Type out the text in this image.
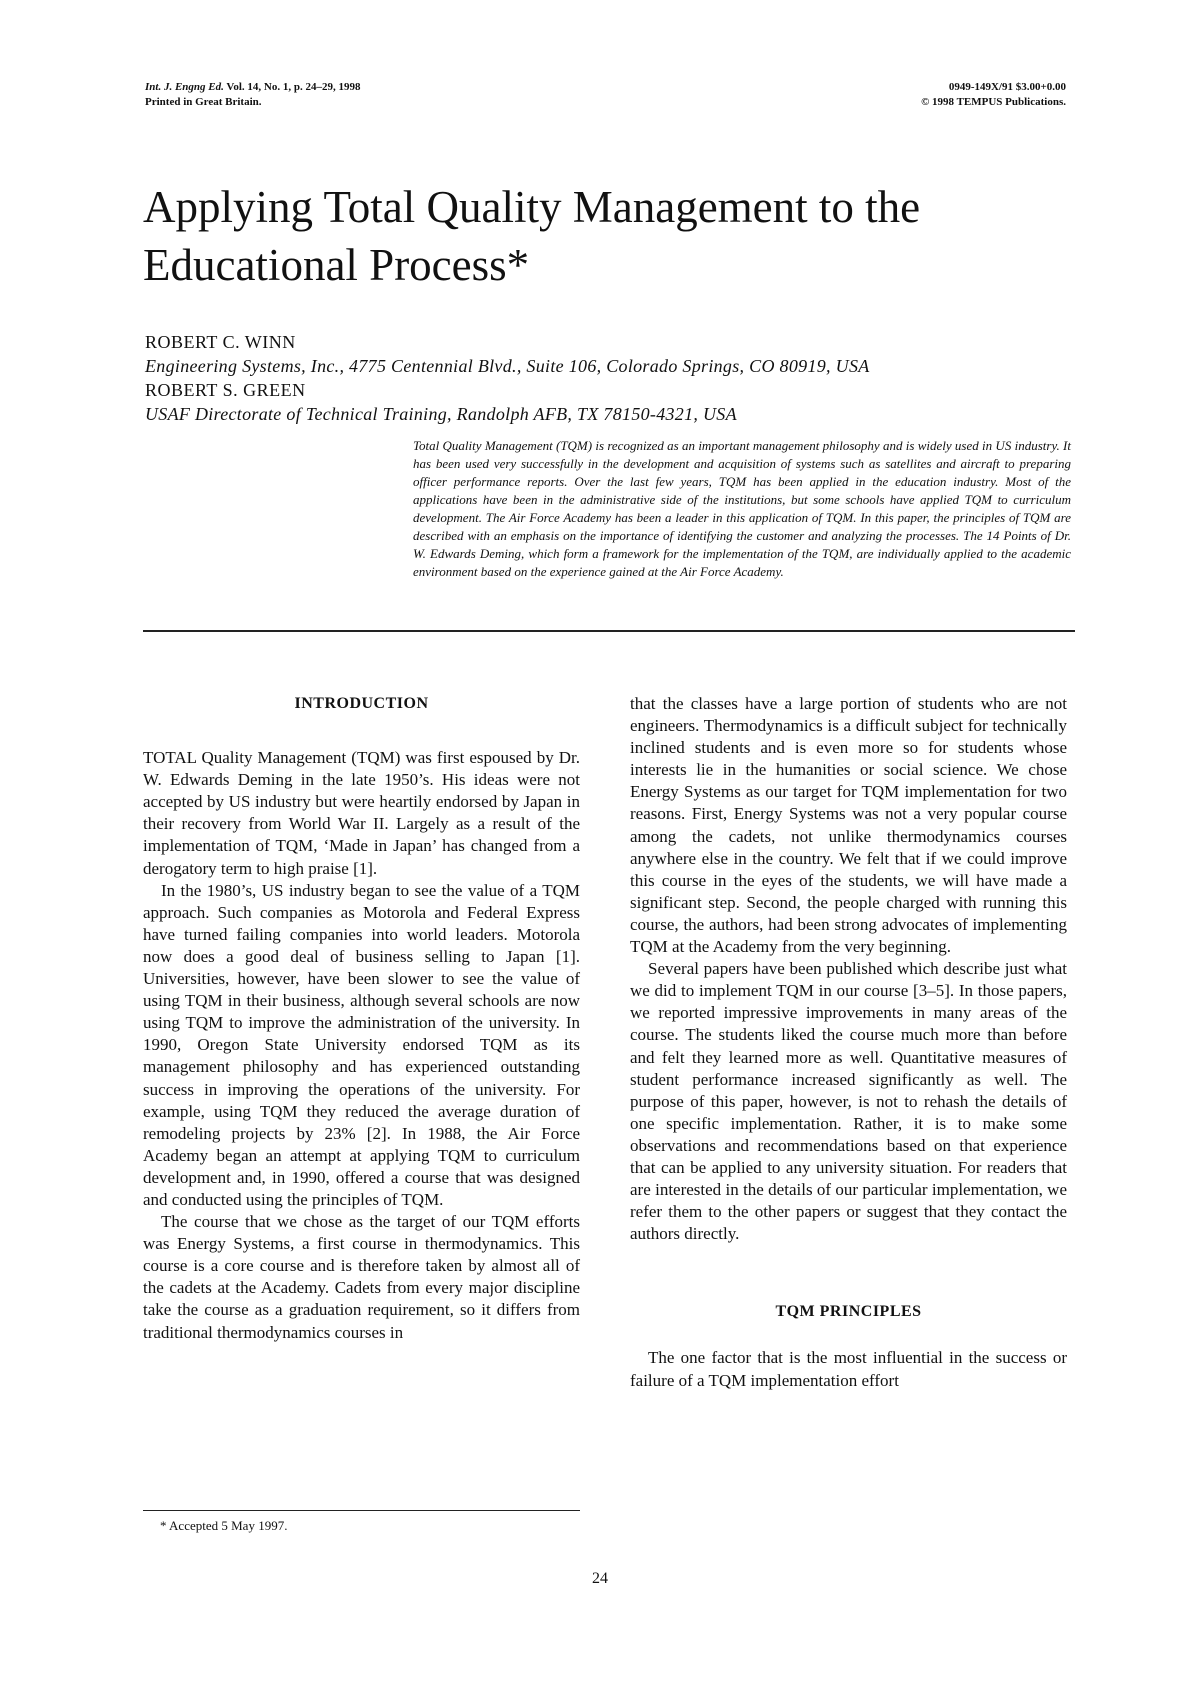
Int. J. Engng Ed. Vol. 14, No. 1, p. 24–29, 1998
Printed in Great Britain.
0949-149X/91 $3.00+0.00
© 1998 TEMPUS Publications.
Applying Total Quality Management to the Educational Process*
ROBERT C. WINN
Engineering Systems, Inc., 4775 Centennial Blvd., Suite 106, Colorado Springs, CO 80919, USA
ROBERT S. GREEN
USAF Directorate of Technical Training, Randolph AFB, TX 78150-4321, USA

Total Quality Management (TQM) is recognized as an important management philosophy and is widely used in US industry. It has been used very successfully in the development and acquisition of systems such as satellites and aircraft to preparing officer performance reports. Over the last few years, TQM has been applied in the education industry. Most of the applications have been in the administrative side of the institutions, but some schools have applied TQM to curriculum development. The Air Force Academy has been a leader in this application of TQM. In this paper, the principles of TQM are described with an emphasis on the importance of identifying the customer and analyzing the processes. The 14 Points of Dr. W. Edwards Deming, which form a framework for the implementation of the TQM, are individually applied to the academic environment based on the experience gained at the Air Force Academy.

INTRODUCTION

TOTAL Quality Management (TQM) was first espoused by Dr. W. Edwards Deming in the late 1950’s. His ideas were not accepted by US industry but were heartily endorsed by Japan in their recovery from World War II. Largely as a result of the implementation of TQM, ‘Made in Japan’ has changed from a derogatory term to high praise [1].

In the 1980’s, US industry began to see the value of a TQM approach. Such companies as Motorola and Federal Express have turned failing companies into world leaders. Motorola now does a good deal of business selling to Japan [1]. Universities, however, have been slower to see the value of using TQM in their business, although several schools are now using TQM to improve the administration of the university. In 1990, Oregon State University endorsed TQM as its management philosophy and has experienced outstanding success in improving the operations of the university. For example, using TQM they reduced the average duration of remodeling projects by 23% [2]. In 1988, the Air Force Academy began an attempt at applying TQM to curriculum development and, in 1990, offered a course that was designed and conducted using the principles of TQM.

The course that we chose as the target of our TQM efforts was Energy Systems, a first course in thermodynamics. This course is a core course and is therefore taken by almost all of the cadets at the Academy. Cadets from every major discipline take the course as a graduation requirement, so it differs from traditional thermodynamics courses in

that the classes have a large portion of students who are not engineers. Thermodynamics is a difficult subject for technically inclined students and is even more so for students whose interests lie in the humanities or social science. We chose Energy Systems as our target for TQM implementation for two reasons. First, Energy Systems was not a very popular course among the cadets, not unlike thermodynamics courses anywhere else in the country. We felt that if we could improve this course in the eyes of the students, we will have made a significant step. Second, the people charged with running this course, the authors, had been strong advocates of implementing TQM at the Academy from the very beginning.

Several papers have been published which describe just what we did to implement TQM in our course [3–5]. In those papers, we reported impressive improvements in many areas of the course. The students liked the course much more than before and felt they learned more as well. Quantitative measures of student performance increased significantly as well. The purpose of this paper, however, is not to rehash the details of one specific implementation. Rather, it is to make some observations and recommendations based on that experience that can be applied to any university situation. For readers that are interested in the details of our particular implementation, we refer them to the other papers or suggest that they contact the authors directly.

TQM PRINCIPLES

The one factor that is the most influential in the success or failure of a TQM implementation effort

* Accepted 5 May 1997.
24
